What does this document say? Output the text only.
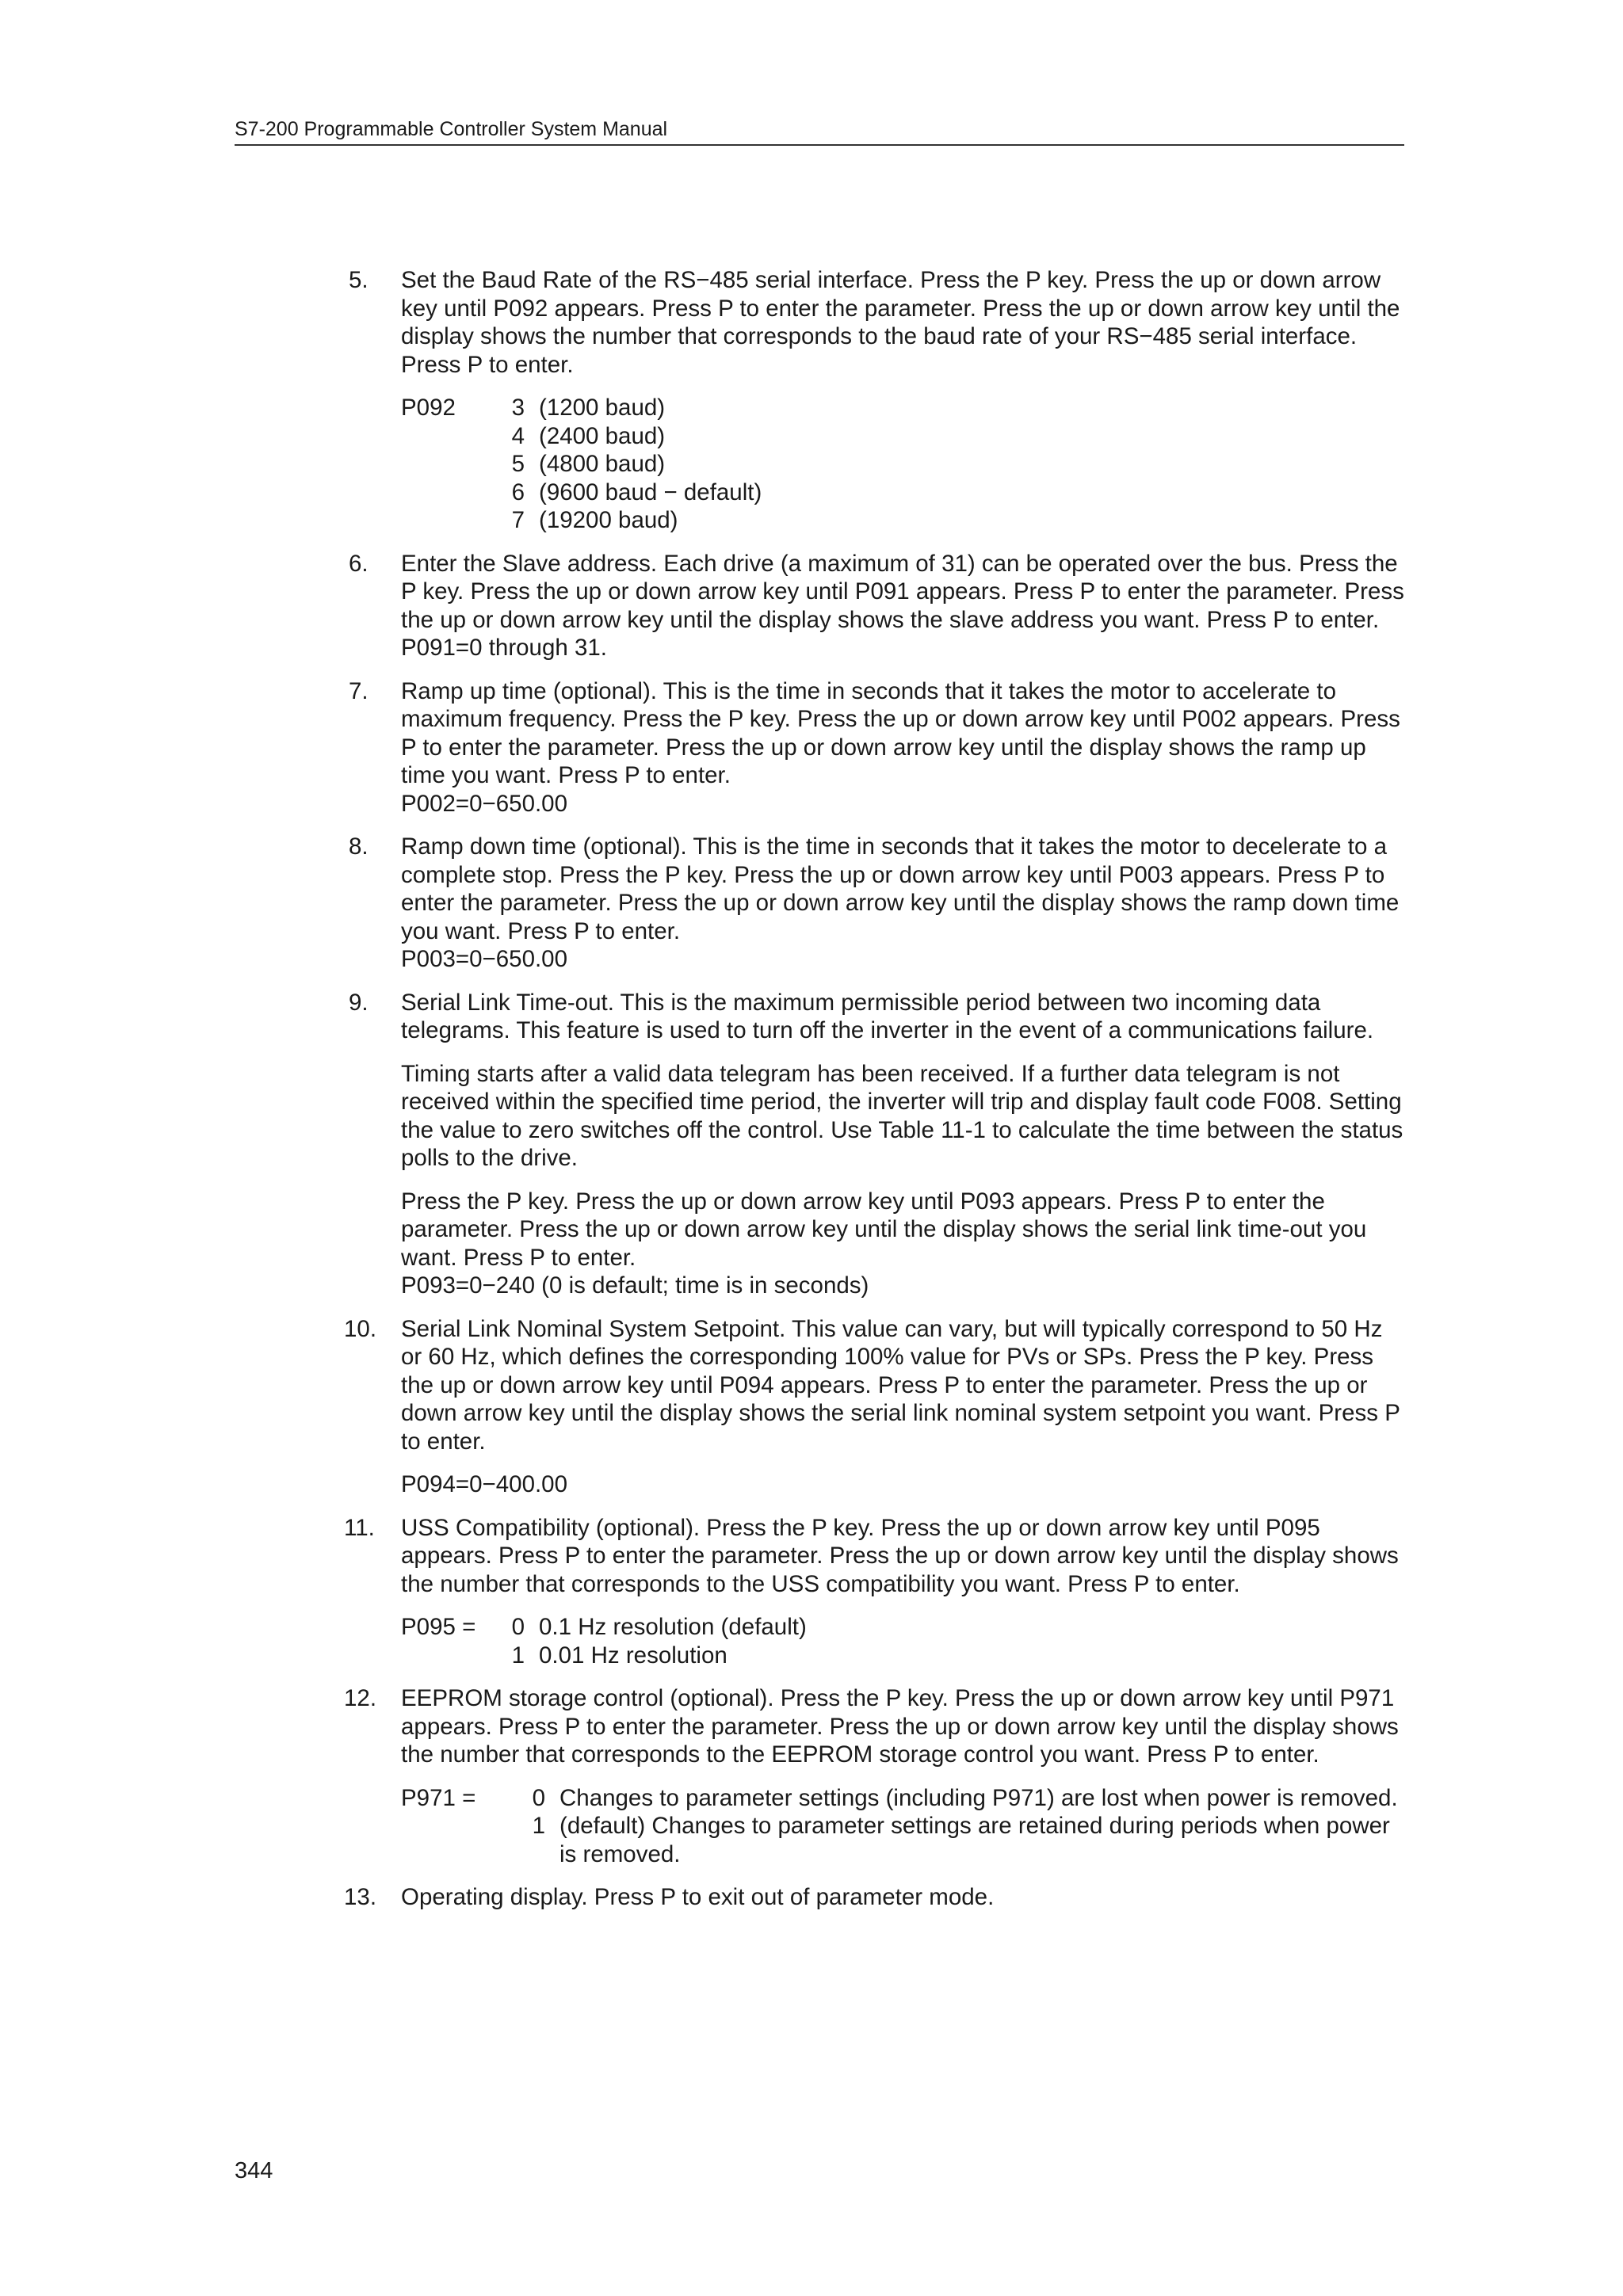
S7-200 Programmable Controller System Manual
5. Set the Baud Rate of the RS−485 serial interface. Press the P key. Press the up or down arrow key until P092 appears. Press P to enter the parameter. Press the up or down arrow key until the display shows the number that corresponds to the baud rate of your RS−485 serial interface. Press P to enter.
P092	3 (1200 baud)
4 (2400 baud)
5 (4800 baud)
6 (9600 baud − default)
7 (19200 baud)
6. Enter the Slave address. Each drive (a maximum of 31) can be operated over the bus. Press the P key. Press the up or down arrow key until P091 appears. Press P to enter the parameter. Press the up or down arrow key until the display shows the slave address you want. Press P to enter.
P091=0 through 31.
7. Ramp up time (optional). This is the time in seconds that it takes the motor to accelerate to maximum frequency. Press the P key. Press the up or down arrow key until P002 appears. Press P to enter the parameter. Press the up or down arrow key until the display shows the ramp up time you want. Press P to enter.
P002=0−650.00
8. Ramp down time (optional). This is the time in seconds that it takes the motor to decelerate to a complete stop. Press the P key. Press the up or down arrow key until P003 appears. Press P to enter the parameter. Press the up or down arrow key until the display shows the ramp down time you want. Press P to enter.
P003=0−650.00
9. Serial Link Time-out. This is the maximum permissible period between two incoming data telegrams. This feature is used to turn off the inverter in the event of a communications failure.
Timing starts after a valid data telegram has been received. If a further data telegram is not received within the specified time period, the inverter will trip and display fault code F008. Setting the value to zero switches off the control. Use Table 11-1 to calculate the time between the status polls to the drive.
Press the P key. Press the up or down arrow key until P093 appears. Press P to enter the parameter. Press the up or down arrow key until the display shows the serial link time-out you want. Press P to enter.
P093=0−240 (0 is default; time is in seconds)
10. Serial Link Nominal System Setpoint. This value can vary, but will typically correspond to 50 Hz or 60 Hz, which defines the corresponding 100% value for PVs or SPs. Press the P key. Press the up or down arrow key until P094 appears. Press P to enter the parameter. Press the up or down arrow key until the display shows the serial link nominal system setpoint you want. Press P to enter.
P094=0−400.00
11. USS Compatibility (optional). Press the P key. Press the up or down arrow key until P095 appears. Press P to enter the parameter. Press the up or down arrow key until the display shows the number that corresponds to the USS compatibility you want. Press P to enter.
P095 =	0 0.1 Hz resolution (default)
1 0.01 Hz resolution
12. EEPROM storage control (optional). Press the P key. Press the up or down arrow key until P971 appears. Press P to enter the parameter. Press the up or down arrow key until the display shows the number that corresponds to the EEPROM storage control you want. Press P to enter.
P971 =	0 Changes to parameter settings (including P971) are lost when power is removed.
1 (default) Changes to parameter settings are retained during periods when power is removed.
13. Operating display. Press P to exit out of parameter mode.
344
